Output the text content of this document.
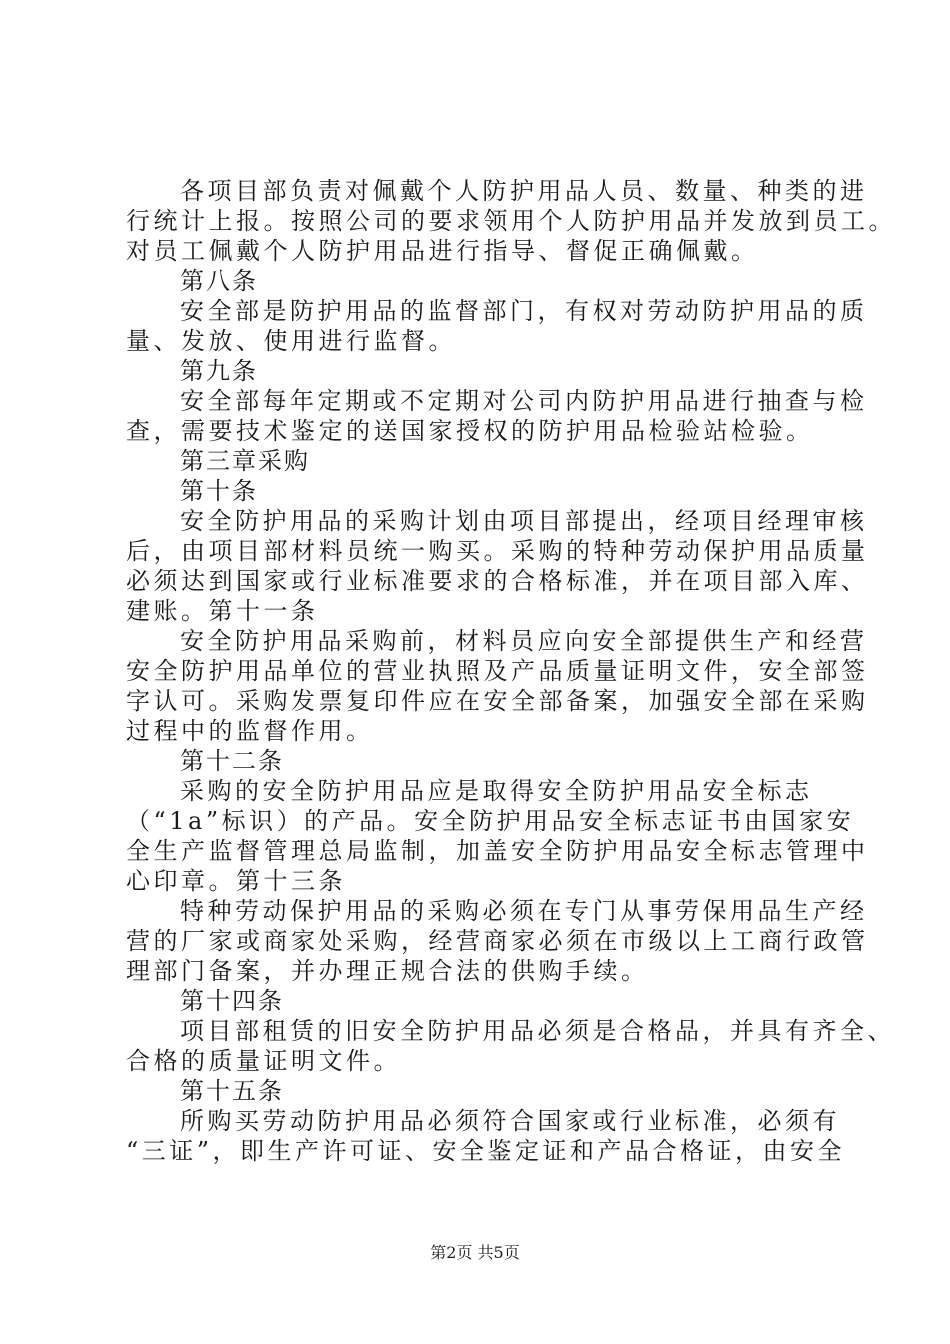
各项目部负责对佩戴个人防护用品人员、数量、种类的进
行统计上报。按照公司的要求领用个人防护用品并发放到员工。
对员工佩戴个人防护用品进行指导、督促正确佩戴。
第八条
安全部是防护用品的监督部门，有权对劳动防护用品的质
量、发放、使用进行监督。
第九条
安全部每年定期或不定期对公司内防护用品进行抽查与检
查，需要技术鉴定的送国家授权的防护用品检验站检验。
第三章采购
第十条
安全防护用品的采购计划由项目部提出，经项目经理审核
后，由项目部材料员统一购买。采购的特种劳动保护用品质量
必须达到国家或行业标准要求的合格标准，并在项目部入库、
建账。第十一条
安全防护用品采购前，材料员应向安全部提供生产和经营
安全防护用品单位的营业执照及产品质量证明文件，安全部签
字认可。采购发票复印件应在安全部备案，加强安全部在采购
过程中的监督作用。
第十二条
采购的安全防护用品应是取得安全防护用品安全标志
（“1a”标识）的产品。安全防护用品安全标志证书由国家安
全生产监督管理总局监制，加盖安全防护用品安全标志管理中
心印章。第十三条
特种劳动保护用品的采购必须在专门从事劳保用品生产经
营的厂家或商家处采购，经营商家必须在市级以上工商行政管
理部门备案，并办理正规合法的供购手续。
第十四条
项目部租赁的旧安全防护用品必须是合格品，并具有齐全、
合格的质量证明文件。
第十五条
所购买劳动防护用品必须符合国家或行业标准，必须有
“三证”，即生产许可证、安全鉴定证和产品合格证，由安全
第2页 共5页
